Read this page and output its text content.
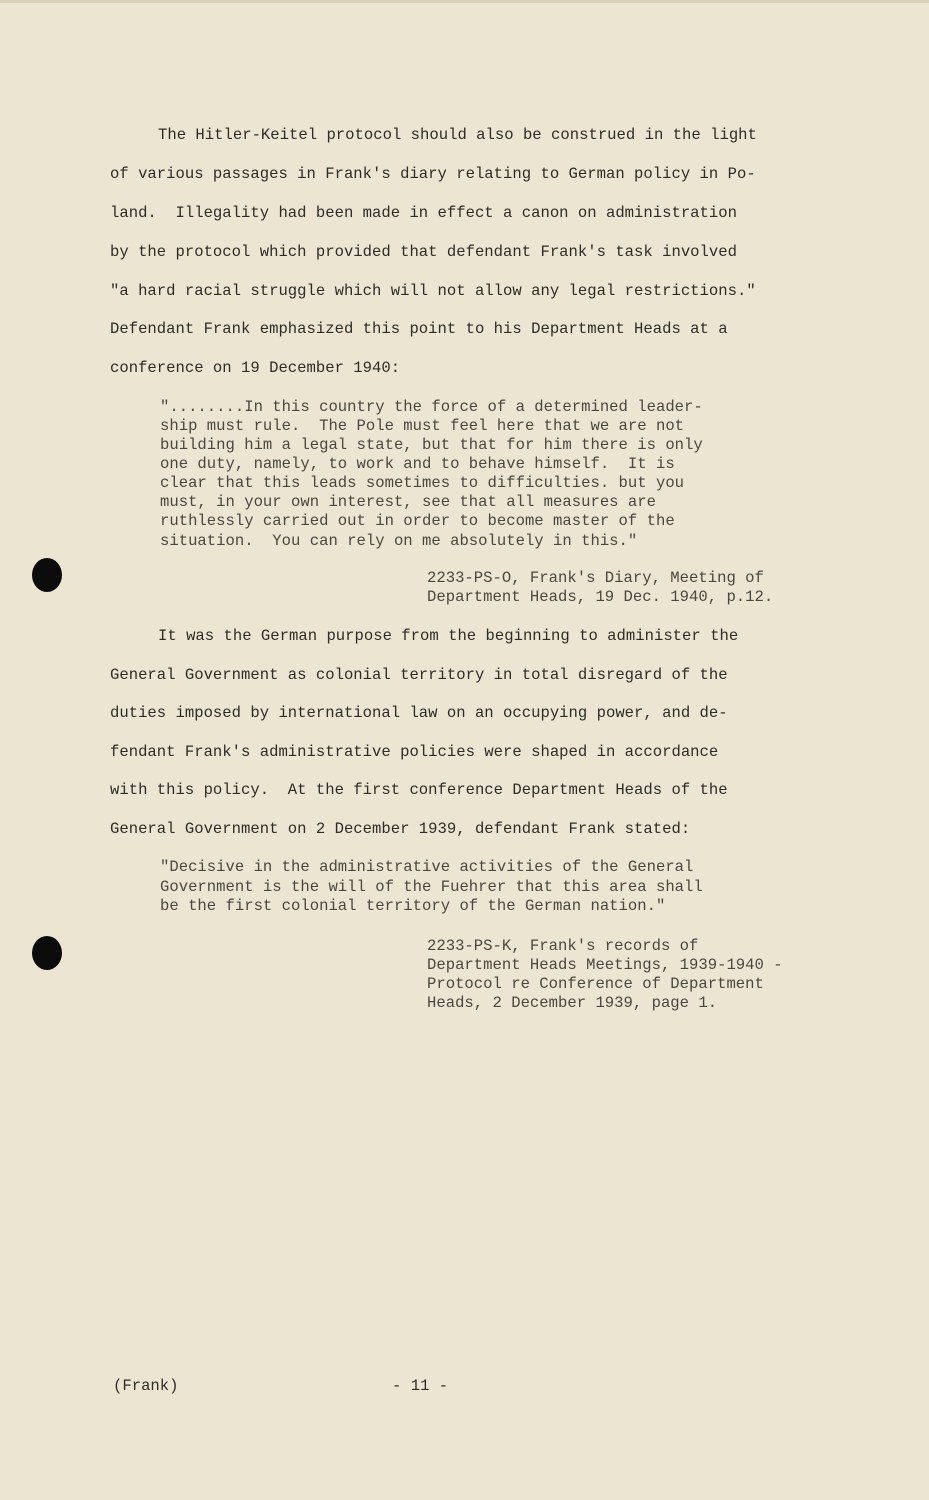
The Hitler-Keitel protocol should also be construed in the light
of various passages in Frank's diary relating to German policy in Po-
land.  Illegality had been made in effect a canon on administration
by the protocol which provided that defendant Frank's task involved
"a hard racial struggle which will not allow any legal restrictions."
Defendant Frank emphasized this point to his Department Heads at a
conference on 19 December 1940:
"........In this country the force of a determined leader-
ship must rule.  The Pole must feel here that we are not
building him a legal state, but that for him there is only
one duty, namely, to work and to behave himself.  It is
clear that this leads sometimes to difficulties. but you
must, in your own interest, see that all measures are
ruthlessly carried out in order to become master of the
situation.  You can rely on me absolutely in this."
2233-PS-O, Frank's Diary, Meeting of
Department Heads, 19 Dec. 1940, p.12.
It was the German purpose from the beginning to administer the
General Government as colonial territory in total disregard of the
duties imposed by international law on an occupying power, and de-
fendant Frank's administrative policies were shaped in accordance
with this policy.  At the first conference Department Heads of the
General Government on 2 December 1939, defendant Frank stated:
"Decisive in the administrative activities of the General
Government is the will of the Fuehrer that this area shall
be the first colonial territory of the German nation."
2233-PS-K, Frank's records of
Department Heads Meetings, 1939-1940 -
Protocol re Conference of Department
Heads, 2 December 1939, page 1.
(Frank)	- 11 -
